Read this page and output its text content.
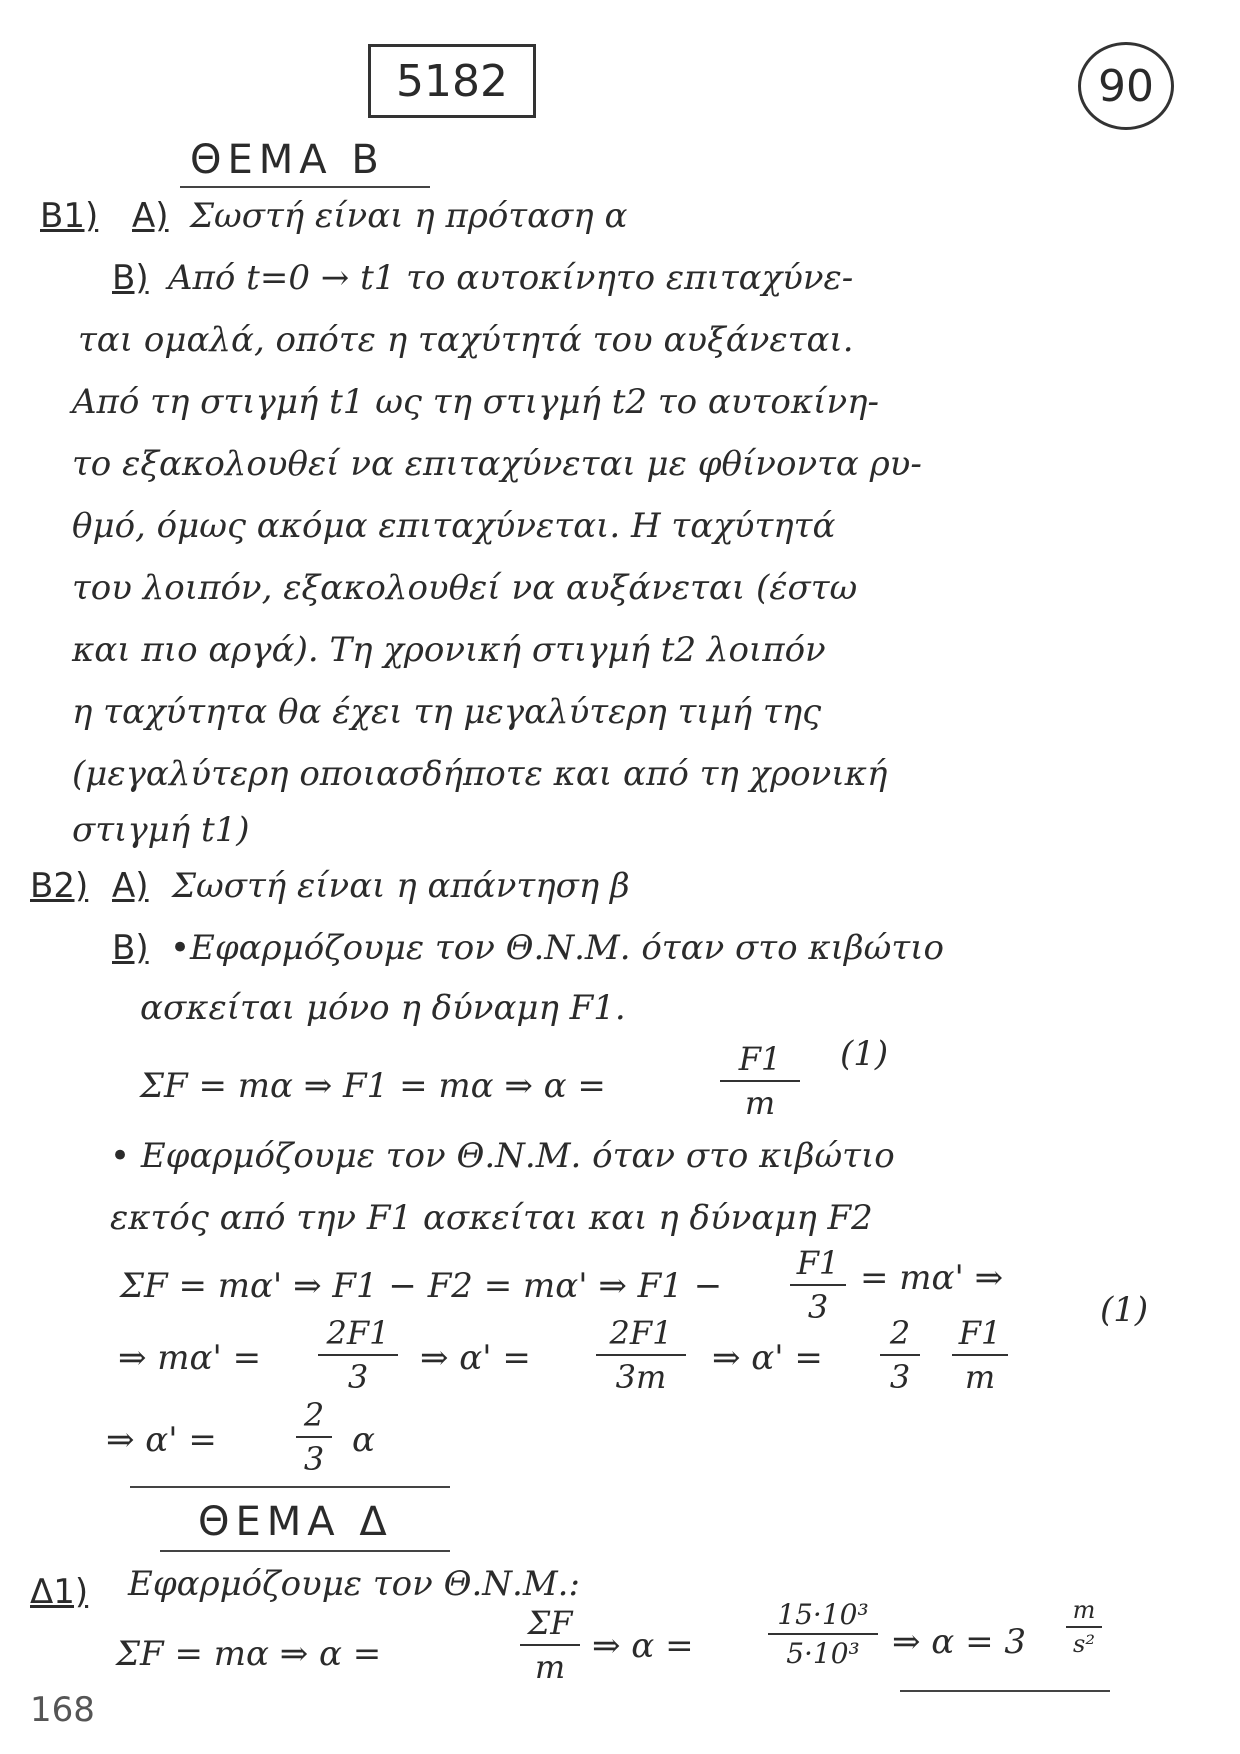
5182	90
ΘΕΜΑ Β
Β1) Α) Σωστή είναι η πρόταση α
Β) Από t=0 → t1 το αυτοκίνητο επιταχύνε-
ται ομαλά, οπότε η ταχύτητά του αυξάνεται.
Από τη στιγμή t1 ως τη στιγμή t2 το αυτοκίνη-
το εξακολουθεί να επιταχύνεται με φθίνοντα ρυ-
θμό, όμως ακόμα επιταχύνεται. Η ταχύτητά
του λοιπόν, εξακολουθεί να αυξάνεται (έστω
και πιο αργά). Τη χρονική στιγμή t2 λοιπόν
η ταχύτητα θα έχει τη μεγαλύτερη τιμή της
(μεγαλύτερη οποιασδήποτε και από τη χρονική
στιγμή t1)
Β2) Α) Σωστή είναι η απάντηση β
Β) •Εφαρμόζουμε τον Θ.Ν.Μ. όταν στο κιβώτιο
ασκείται μόνο η δύναμη F1.
ΣF = mα ⇒ F1 = mα ⇒ α =
F1
m
(1)
• Εφαρμόζουμε τον Θ.Ν.Μ. όταν στο κιβώτιο
εκτός από την F1 ασκείται και η δύναμη F2
ΣF = mα' ⇒ F1 − F2 = mα' ⇒ F1 −
F1
3
= mα' ⇒
⇒ mα' =
2F1
3 ⇒ α' =
2F1
3m ⇒ α' =
2
3
F1
m
(1)
⇒ α' =
2
3 α
ΘΕΜΑ Δ
Δ1) Εφαρμόζουμε τον Θ.Ν.Μ.:
ΣF = mα ⇒ α =
ΣF
m
⇒ α =
15·10³
5·10³ ⇒ α = 3
m
s²
168
